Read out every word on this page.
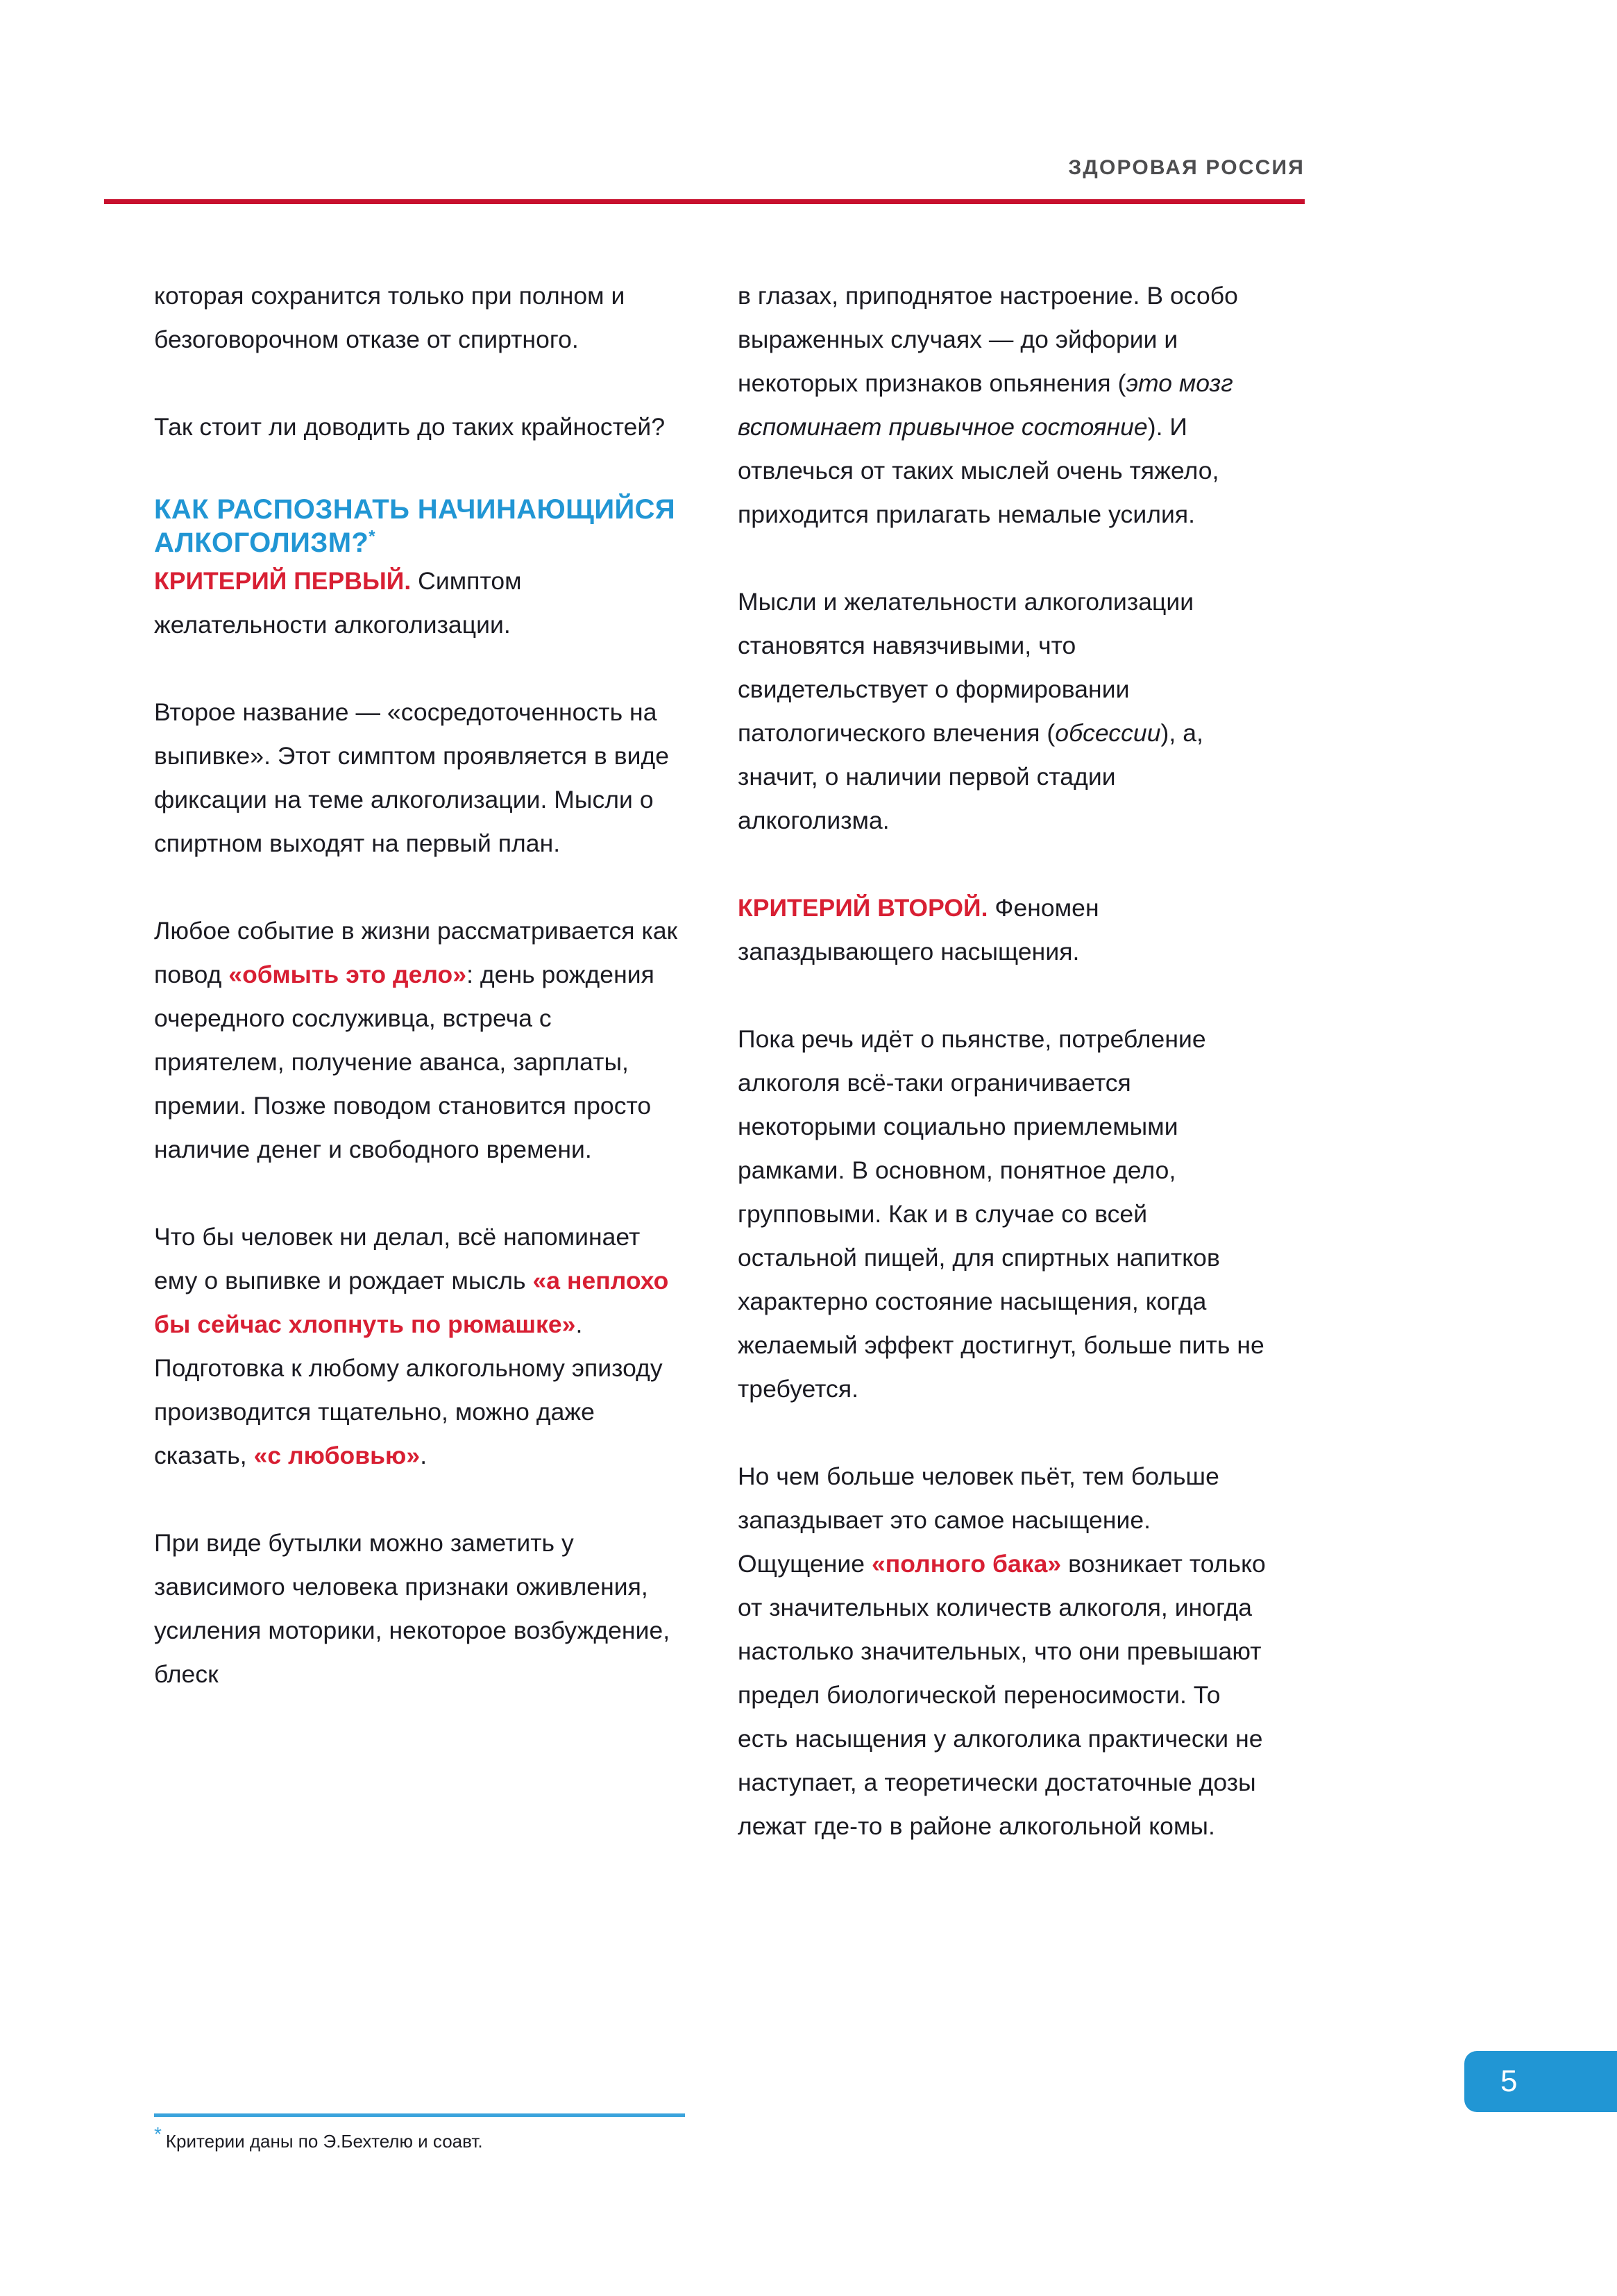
ЗДОРОВАЯ РОССИЯ

которая сохранится только при полном и безоговорочном отказе от спиртного.

Так стоит ли доводить до таких крайностей?

КАК РАСПОЗНАТЬ НАЧИНАЮЩИЙСЯ АЛКОГОЛИЗМ?*

КРИТЕРИЙ ПЕРВЫЙ. Симптом желательности алкоголизации.

Второе название — «сосредоточенность на выпивке». Этот симптом проявляется в виде фиксации на теме алкоголизации. Мысли о спиртном выходят на первый план.

Любое событие в жизни рассматривается как повод «обмыть это дело»: день рождения очередного сослуживца, встреча с приятелем, получение аванса, зарплаты, премии. Позже поводом становится просто наличие денег и свободного времени.

Что бы человек ни делал, всё напоминает ему о выпивке и рождает мысль «а неплохо бы сейчас хлопнуть по рюмашке». Подготовка к любому алкогольному эпизоду производится тщательно, можно даже сказать, «с любовью».

При виде бутылки можно заметить у зависимого человека признаки оживления, усиления моторики, некоторое возбуждение, блеск

в глазах, приподнятое настроение. В особо выраженных случаях — до эйфории и некоторых признаков опьянения (это мозг вспоминает привычное состояние). И отвлечься от таких мыслей очень тяжело, приходится прилагать немалые усилия.

Мысли и желательности алкоголизации становятся навязчивыми, что свидетельствует о формировании патологического влечения (обсессии), а, значит, о наличии первой стадии алкоголизма.

КРИТЕРИЙ ВТОРОЙ. Феномен запаздывающего насыщения.

Пока речь идёт о пьянстве, потребление алкоголя всё-таки ограничивается некоторыми социально приемлемыми рамками. В основном, понятное дело, групповыми. Как и в случае со всей остальной пищей, для спиртных напитков характерно состояние насыщения, когда желаемый эффект достигнут, больше пить не требуется.

Но чем больше человек пьёт, тем больше запаздывает это самое насыщение. Ощущение «полного бака» возникает только от значительных количеств алкоголя, иногда настолько значительных, что они превышают предел биологической переносимости. То есть насыщения у алкоголика практически не наступает, а теоретически достаточные дозы лежат где-то в районе алкогольной комы.

* Критерии даны по Э.Бехтелю и соавт.
5
